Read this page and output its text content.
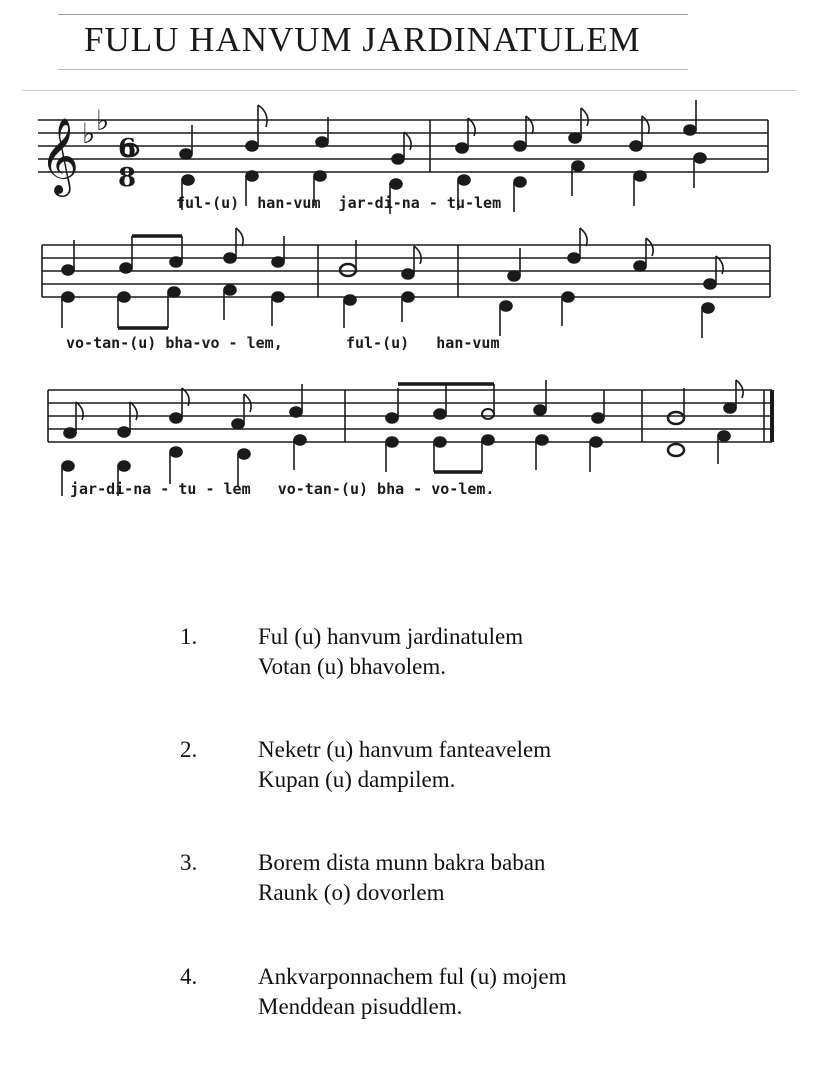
FULU HANVUM JARDINATULEM
𝄞 ♭ ♭
6
8
ful-(u)  han-vum  jar-di-na - tu-lem
vo-tan-(u) bha-vo - lem,       ful-(u)   han-vum
jar-di-na - tu - lem   vo-tan-(u) bha - vo-lem.
1.	Ful (u) hanvum jardinatulem
Votan (u) bhavolem.
2.	Neketr (u) hanvum fanteavelem
Kupan (u) dampilem.
3.	Borem dista munn bakra baban
Raunk (o) dovorlem
4.	Ankvarponnachem ful (u) mojem
Menddean pisuddlem.
